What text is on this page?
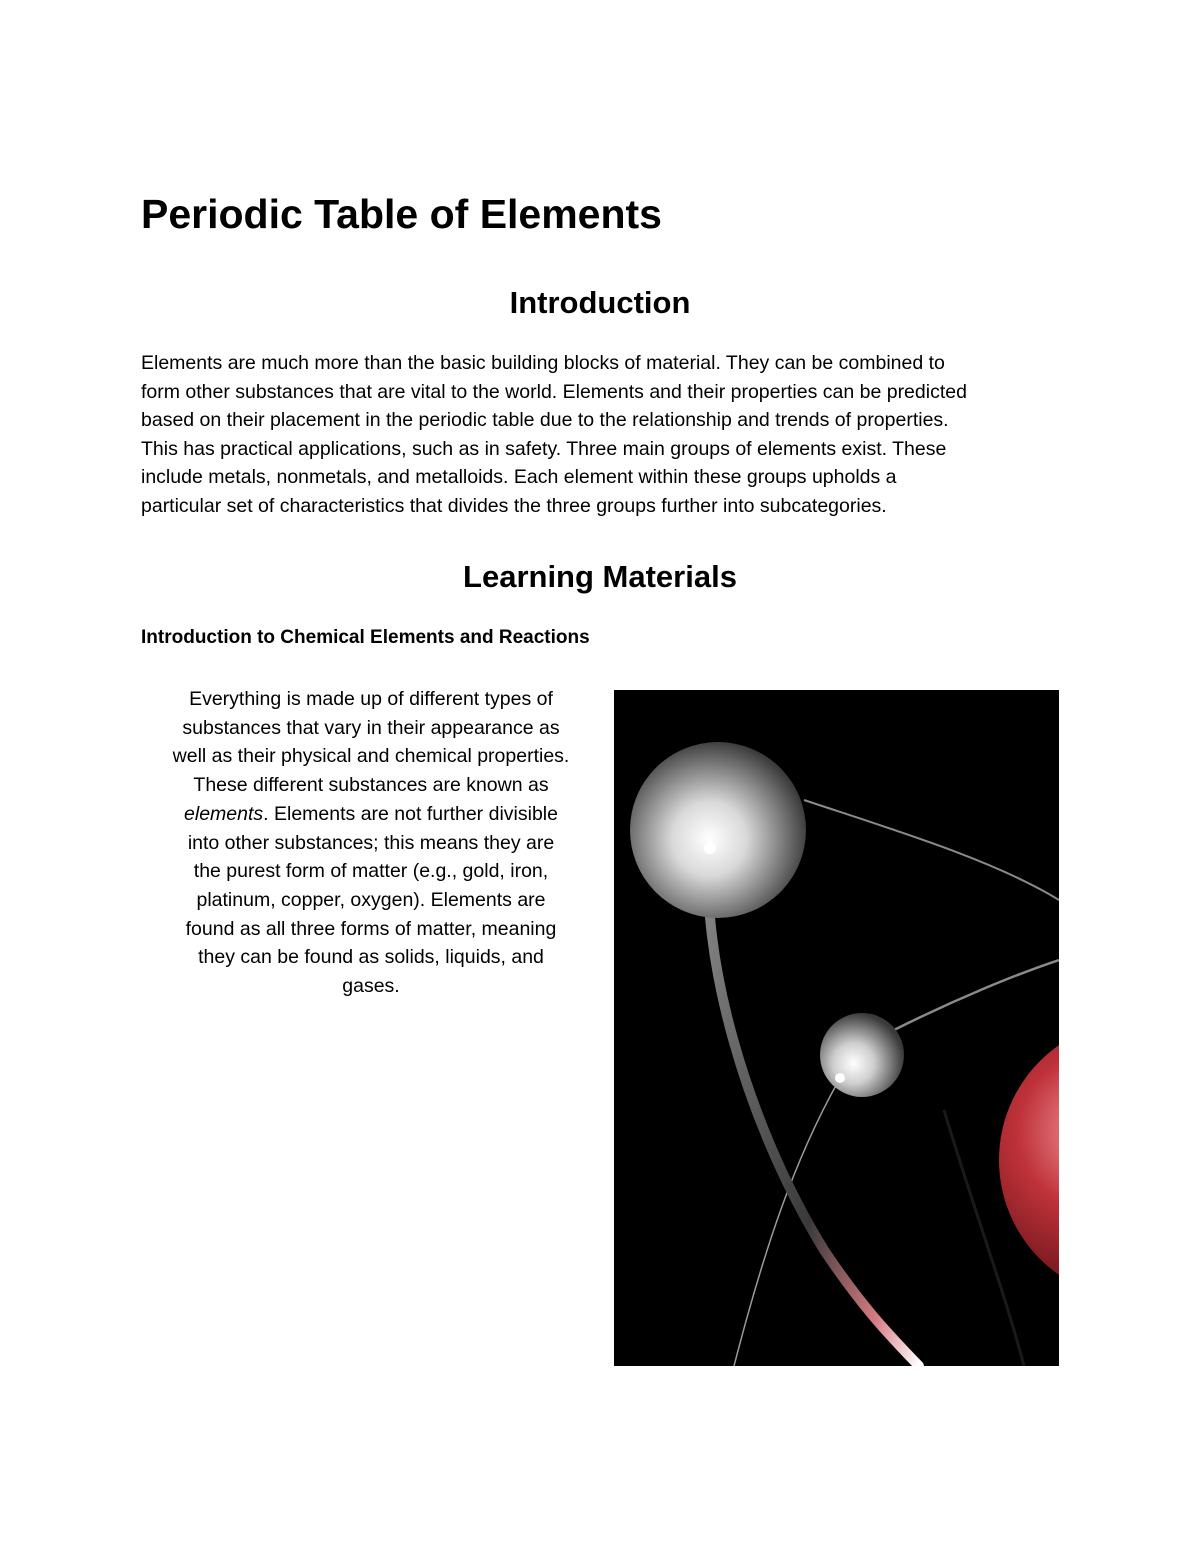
Periodic Table of Elements
Introduction

Elements are much more than the basic building blocks of material. They can be combined to
form other substances that are vital to the world. Elements and their properties can be predicted
based on their placement in the periodic table due to the relationship and trends of properties.
This has practical applications, such as in safety. Three main groups of elements exist. These
include metals, nonmetals, and metalloids. Each element within these groups upholds a
particular set of characteristics that divides the three groups further into subcategories.

Learning Materials
Introduction to Chemical Elements and Reactions

Everything is made up of different types of
substances that vary in their appearance as
well as their physical and chemical properties.
These different substances are known as
elements. Elements are not further divisible
into other substances; this means they are
the purest form of matter (e.g., gold, iron,
platinum, copper, oxygen). Elements are
found as all three forms of matter, meaning
they can be found as solids, liquids, and
gases.
